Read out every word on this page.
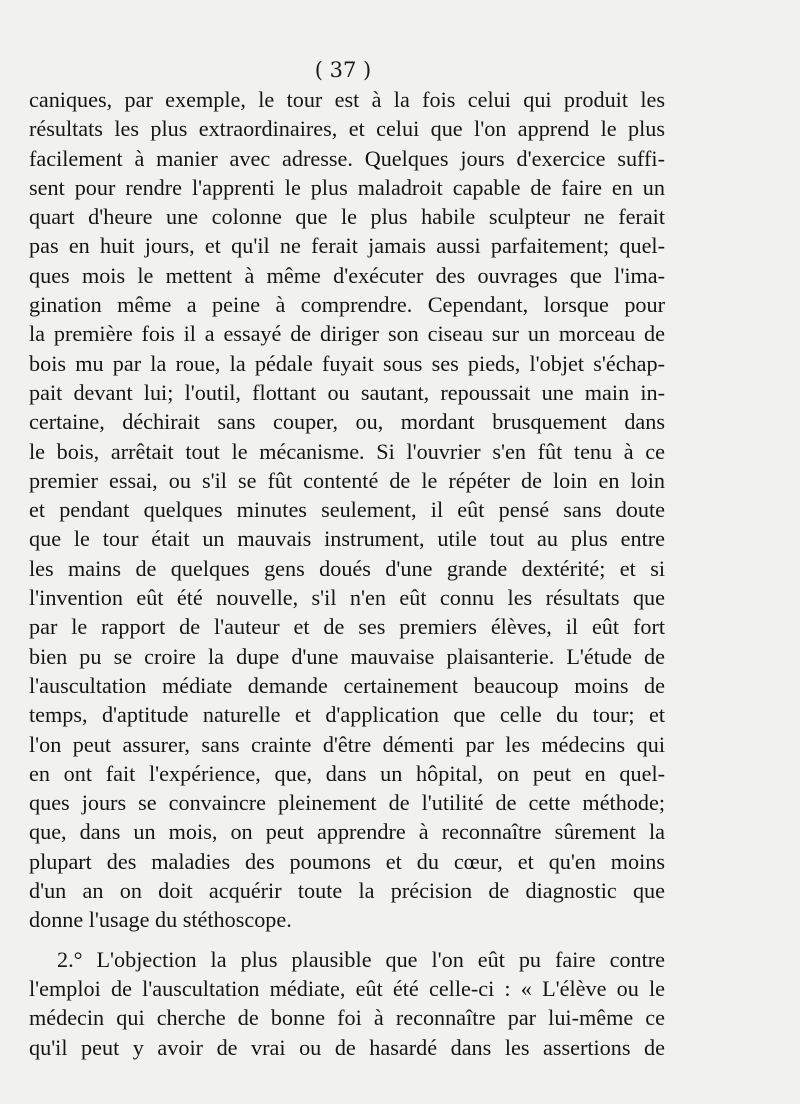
( 37 )
caniques, par exemple, le tour est à la fois celui qui produit les
résultats les plus extraordinaires, et celui que l'on apprend le plus
facilement à manier avec adresse. Quelques jours d'exercice suffi-
sent pour rendre l'apprenti le plus maladroit capable de faire en un
quart d'heure une colonne que le plus habile sculpteur ne ferait
pas en huit jours, et qu'il ne ferait jamais aussi parfaitement; quel-
ques mois le mettent à même d'exécuter des ouvrages que l'ima-
gination même a peine à comprendre. Cependant, lorsque pour
la première fois il a essayé de diriger son ciseau sur un morceau de
bois mu par la roue, la pédale fuyait sous ses pieds, l'objet s'échap-
pait devant lui; l'outil, flottant ou sautant, repoussait une main in-
certaine, déchirait sans couper, ou, mordant brusquement dans
le bois, arrêtait tout le mécanisme. Si l'ouvrier s'en fût tenu à ce
premier essai, ou s'il se fût contenté de le répéter de loin en loin
et pendant quelques minutes seulement, il eût pensé sans doute
que le tour était un mauvais instrument, utile tout au plus entre
les mains de quelques gens doués d'une grande dextérité; et si
l'invention eût été nouvelle, s'il n'en eût connu les résultats que
par le rapport de l'auteur et de ses premiers élèves, il eût fort
bien pu se croire la dupe d'une mauvaise plaisanterie. L'étude de
l'auscultation médiate demande certainement beaucoup moins de
temps, d'aptitude naturelle et d'application que celle du tour; et
l'on peut assurer, sans crainte d'être démenti par les médecins qui
en ont fait l'expérience, que, dans un hôpital, on peut en quel-
ques jours se convaincre pleinement de l'utilité de cette méthode;
que, dans un mois, on peut apprendre à reconnaître sûrement la
plupart des maladies des poumons et du cœur, et qu'en moins
d'un an on doit acquérir toute la précision de diagnostic que
donne l'usage du stéthoscope.
2.° L'objection la plus plausible que l'on eût pu faire contre
l'emploi de l'auscultation médiate, eût été celle-ci : « L'élève ou le
médecin qui cherche de bonne foi à reconnaître par lui-même ce
qu'il peut y avoir de vrai ou de hasardé dans les assertions de
